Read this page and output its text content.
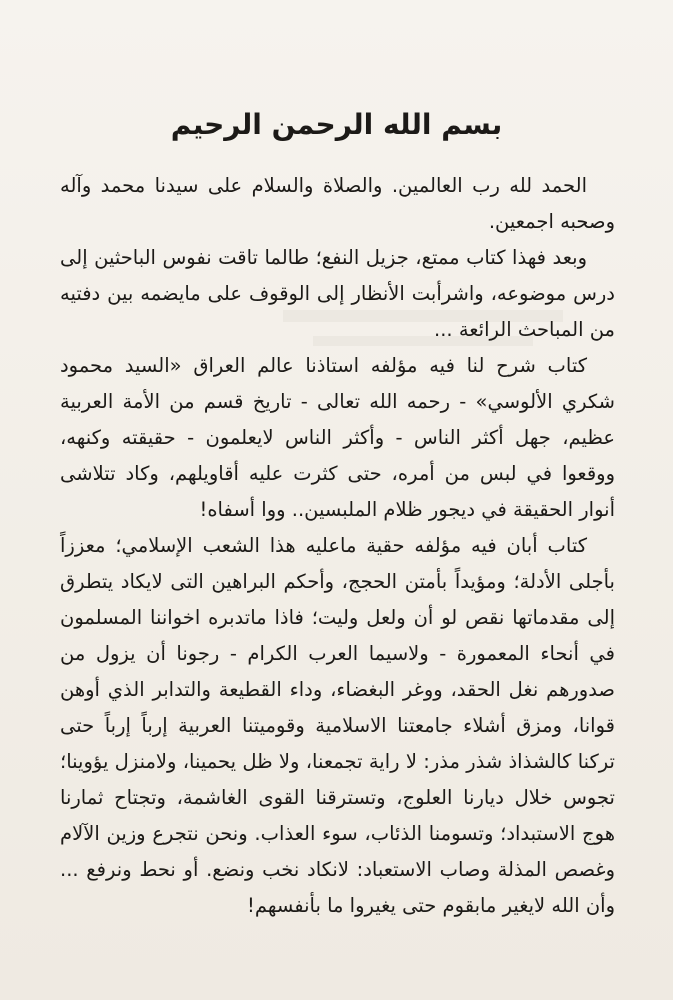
بسم الله الرحمن الرحيم

الحمد لله رب العالمين. والصلاة والسلام على سيدنا محمد وآله وصحبه اجمعين.

وبعد فهذا كتاب ممتع، جزيل النفع؛ طالما تاقت نفوس الباحثين إلى درس موضوعه، واشرأبت الأنظار إلى الوقوف على مايضمه بين دفتيه من المباحث الرائعة ...

كتاب شرح لنا فيه مؤلفه استاذنا عالم العراق «السيد محمود شكري الألوسي» - رحمه الله تعالى - تاريخ قسم من الأمة العربية عظيم، جهل أكثر الناس - وأكثر الناس لايعلمون - حقيقته وكنهه، ووقعوا في لبس من أمره، حتى كثرت عليه أقاويلهم، وكاد تتلاشى أنوار الحقيقة في ديجور ظلام الملبسين.. ووا أسفاه!

كتاب أبان فيه مؤلفه حقية ماعليه هذا الشعب الإسلامي؛ معززاً بأجلى الأدلة؛ ومؤيداً بأمتن الحجج، وأحكم البراهين التى لايكاد يتطرق إلى مقدماتها نقص لو أن ولعل وليت؛ فاذا ماتدبره اخواننا المسلمون في أنحاء المعمورة - ولاسيما العرب الكرام - رجونا أن يزول من صدورهم نغل الحقد، ووغر البغضاء، وداء القطيعة والتدابر الذي أوهن قوانا، ومزق أشلاء جامعتنا الاسلامية وقوميتنا العربية إرباً إرباً حتى تركنا كالشذاذ شذر مذر: لا راية تجمعنا، ولا ظل يحمينا، ولامنزل يؤوينا؛ تجوس خلال ديارنا العلوج، وتسترقنا القوى الغاشمة، وتجتاح ثمارنا هوج الاستبداد؛ وتسومنا الذئاب، سوء العذاب. ونحن نتجرع وزين الآلام وغصص المذلة وصاب الاستعباد: لانكاد نخب ونضع. أو نحط ونرفع ... وأن الله لايغير مابقوم حتى يغيروا ما بأنفسهم!
